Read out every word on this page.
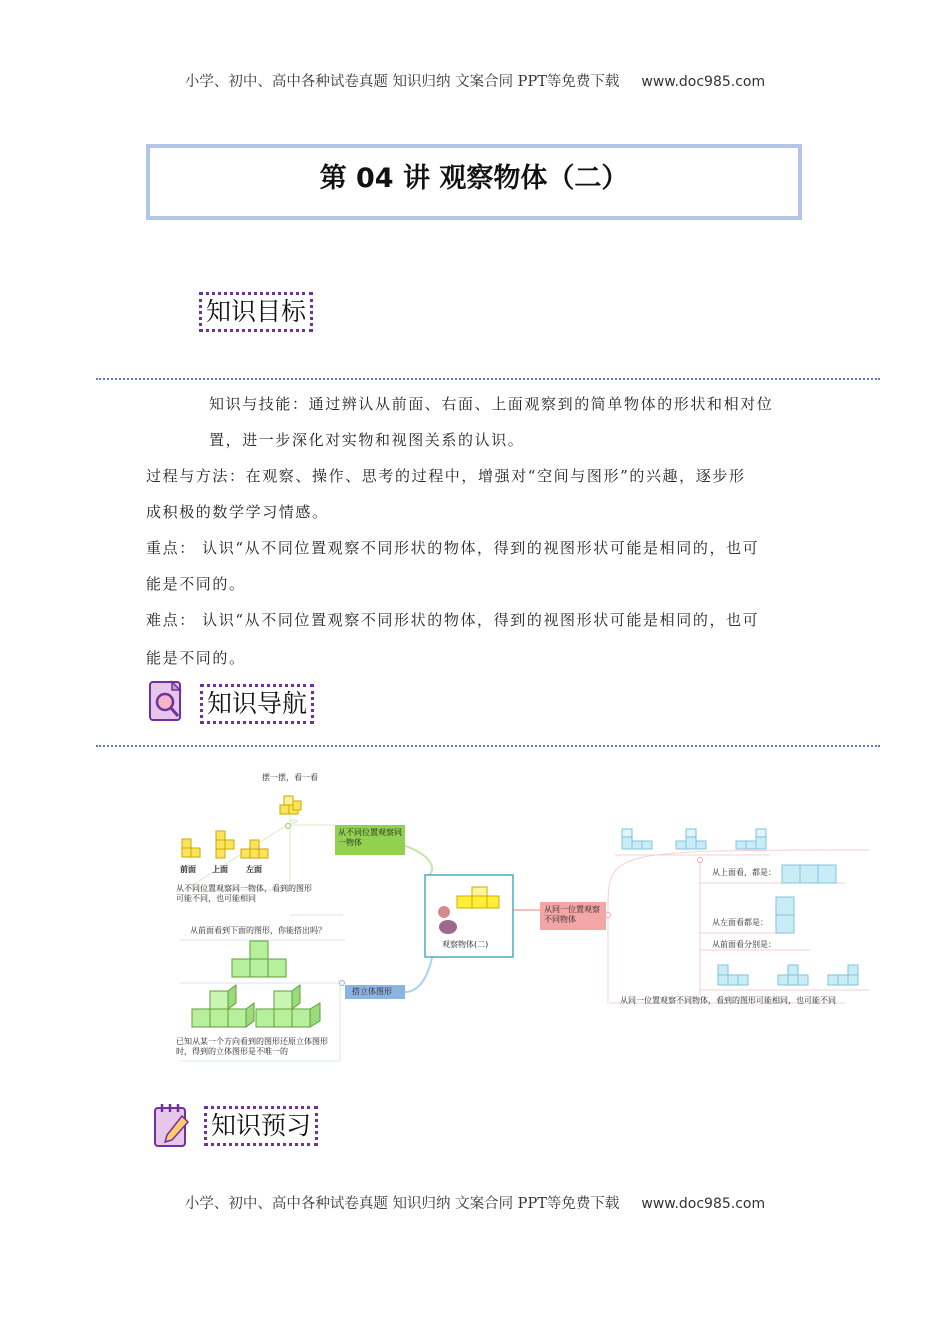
小学、初中、高中各种试卷真题 知识归纳 文案合同 PPT等免费下载 www.doc985.com
第 04 讲 观察物体（二）
知识目标
知识与技能：通过辨认从前面、右面、上面观察到的简单物体的形状和相对位
置，进一步深化对实物和视图关系的认识。
过程与方法：在观察、操作、思考的过程中，增强对“空间与图形”的兴趣，逐步形
成积极的数学学习情感。
重点： 认识“从不同位置观察不同形状的物体，得到的视图形状可能是相同的，也可
能是不同的。
难点： 认识“从不同位置观察不同形状的物体，得到的视图形状可能是相同的，也可
能是不同的。
知识导航
摆一摆，看一看
从不同位置观察同一物体
前面 上面 左面
从不同位置观察同一物体，看到的图形
可能不同，也可能相同
从前面看到下面的图形，你能搭出吗？
搭立体图形
已知从某一个方向看到的图形还原立体图形
时，得到的立体图形是不唯一的
观察物体(二)
从同一位置观察不同物体
从上面看，都是：
从左面看都是：
从前面看分别是：
从同一位置观察不同物体，看到的图形可能相同，也可能不同
知识预习
小学、初中、高中各种试卷真题 知识归纳 文案合同 PPT等免费下载 www.doc985.com
